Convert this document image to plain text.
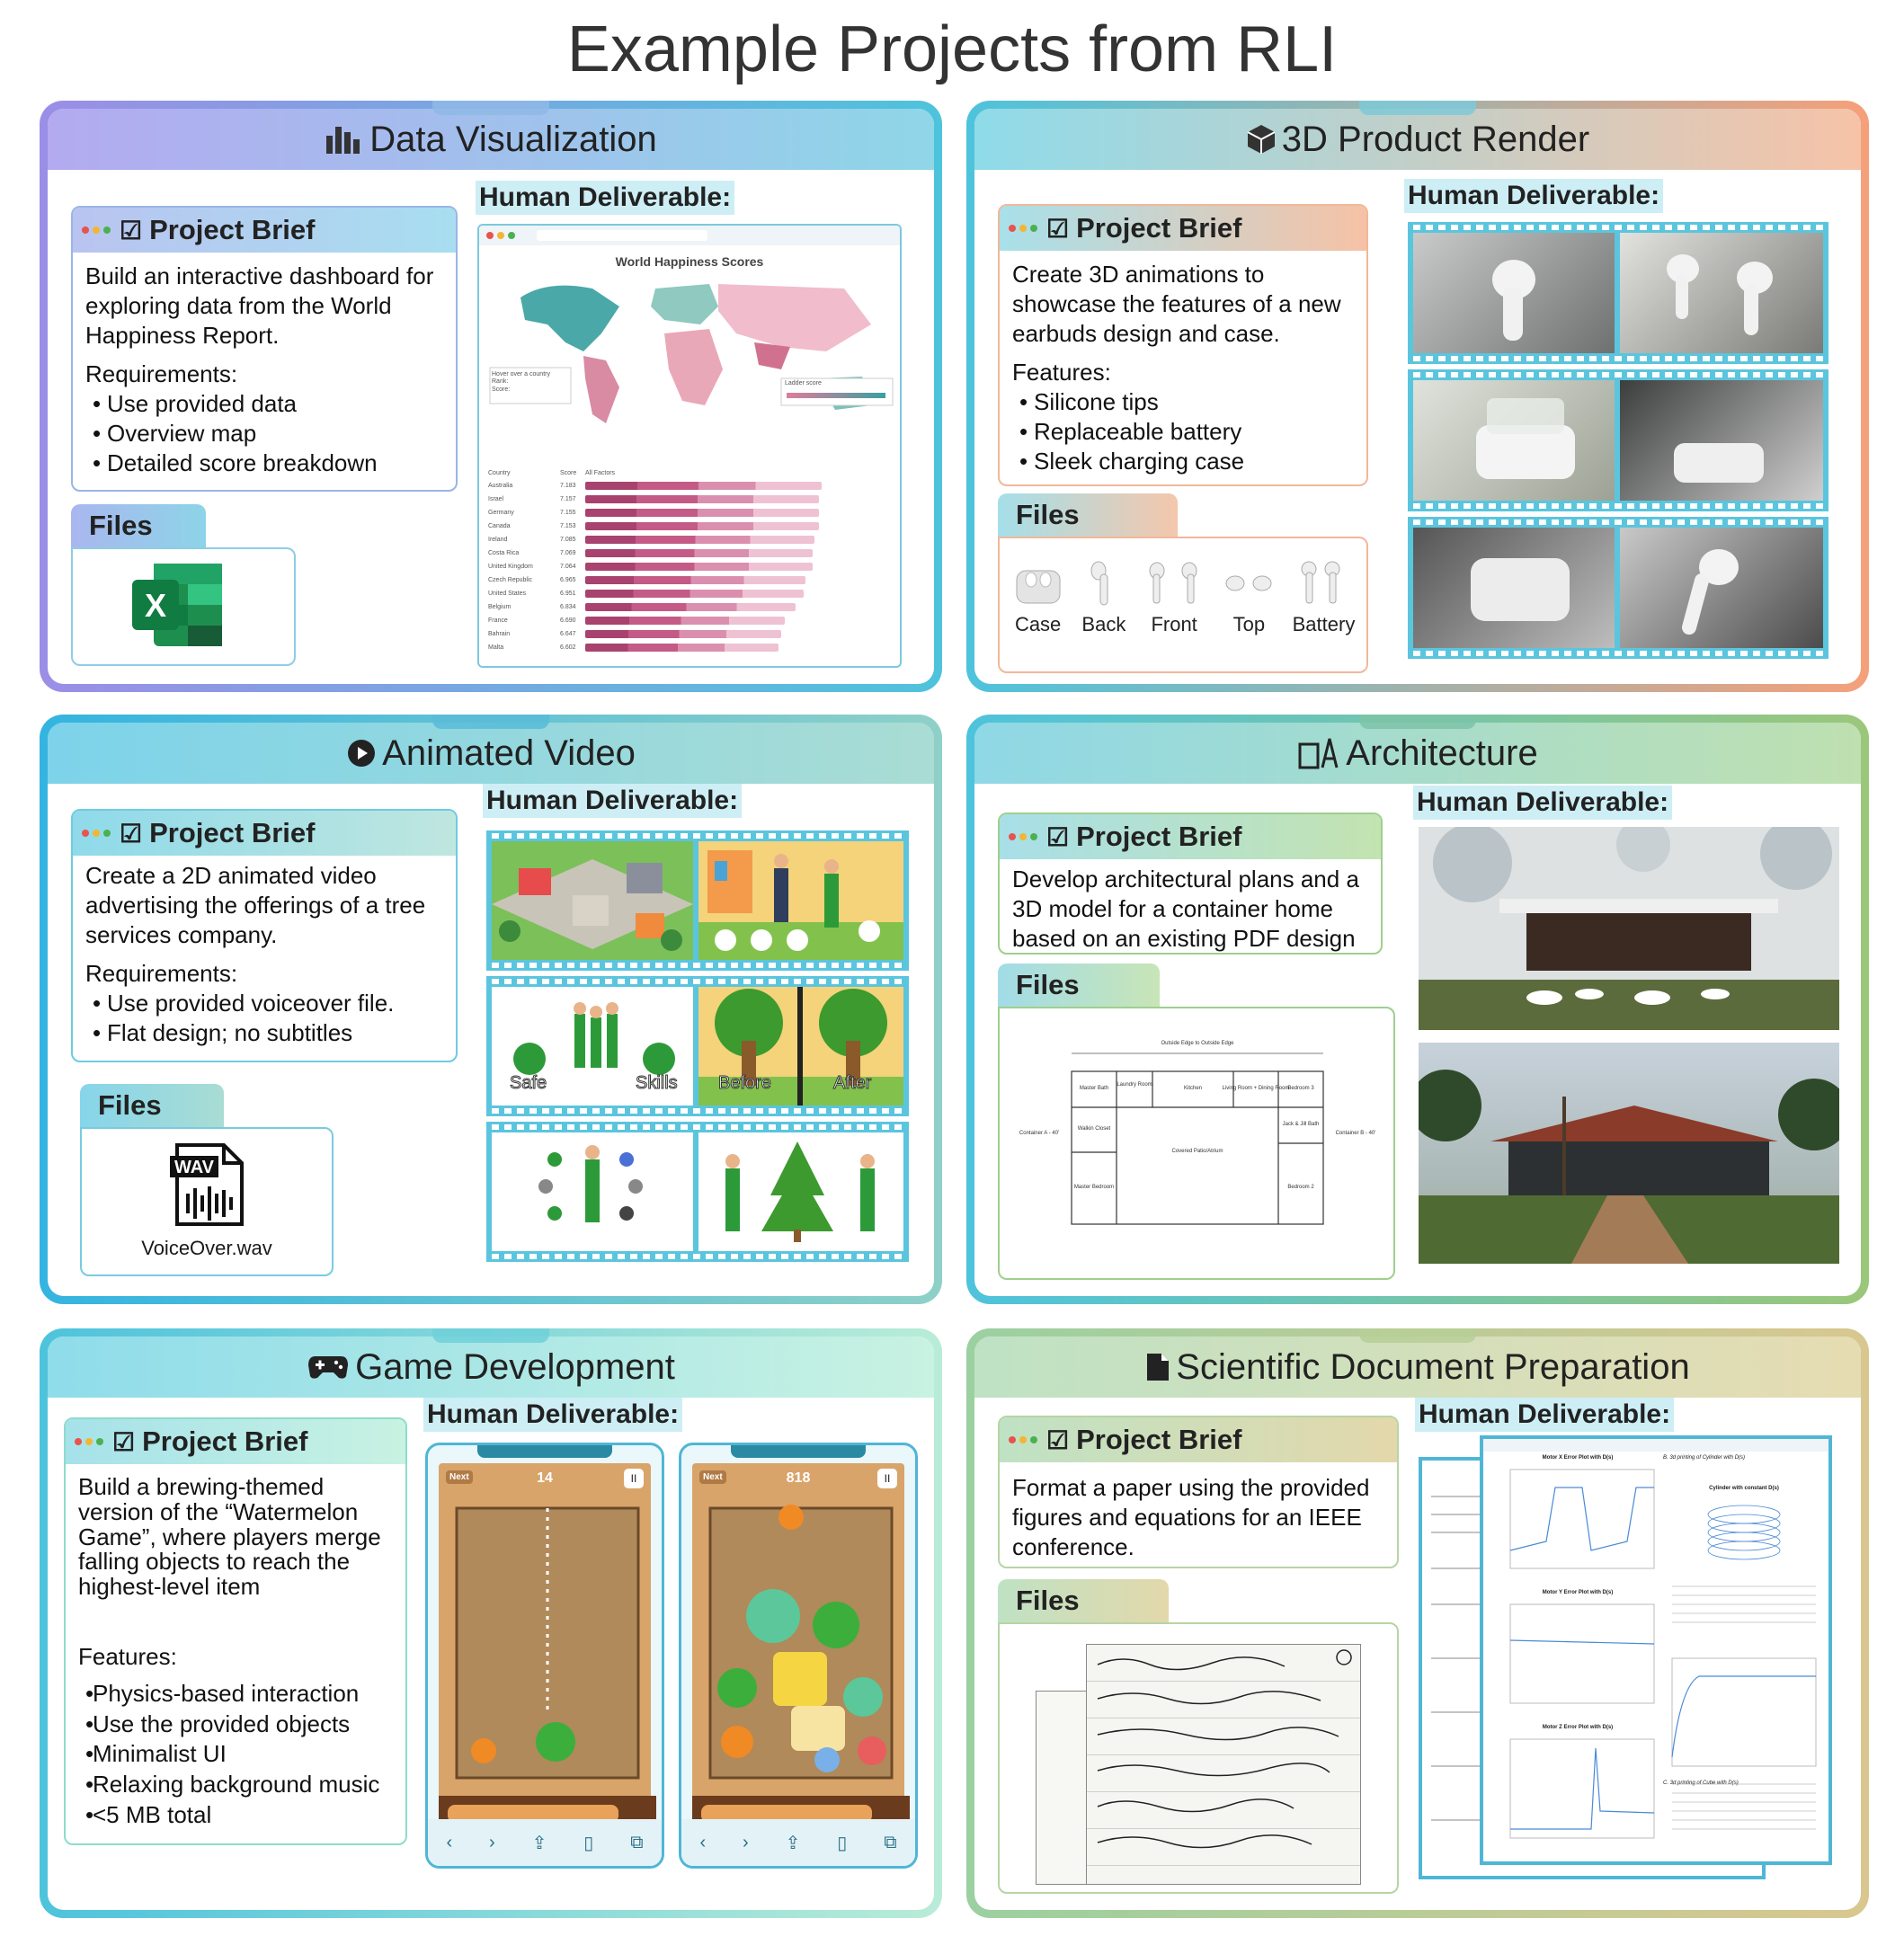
Example Projects from RLI
Data Visualization
☑ Project Brief
Build an interactive dashboard for exploring data from the World Happiness Report.
Requirements:
• Use provided data
• Overview map
• Detailed score breakdown
Files
X
Human Deliverable:
World Happiness Scores
Hover over a country
Rank:
Score:
Ladder score
Country	Score	All Factors
Australia	7.183
Israel	7.157
Germany	7.155
Canada	7.153
Ireland	7.085
Costa Rica	7.069
United Kingdom	7.064
Czech Republic	6.965
United States	6.951
Belgium	6.834
France	6.690
Bahrain	6.647
Malta	6.602
3D Product Render
☑ Project Brief
Create 3D animations to showcase the features of a new earbuds design and case.
Features:
• Silicone tips
• Replaceable battery
• Sleek charging case
Files
Case Back	Front	Top	Battery
Human Deliverable:
Animated Video
☑ Project Brief
Create a 2D animated video advertising the offerings of a tree services company.
Requirements:
• Use provided voiceover file.
• Flat design; no subtitles
Files
WAV
VoiceOver.wav
Human Deliverable:
Safe	Skills Before	After
Architecture
☑ Project Brief
Develop architectural plans and a 3D model for a container home based on an existing PDF design
Files
Outside Edge to Outside Edge
Master Bath
Laundry Room
Kitchen	Living Room + Dining Room
Bedroom 3
Walkin Closet
Covered Patio/Atrium
Jack & Jill Bath
Master Bedroom	Bedroom 2
Container A - 40'	Container B - 40'
Human Deliverable:
Game Development
☑ Project Brief
Build a brewing-themed version of the “Watermelon Game”, where players merge falling objects to reach the highest-level item
Features:
• Physics-based interaction
• Use the provided objects
• Minimalist UI
• Relaxing background music
• <5 MB total
Human Deliverable:
Next	14	II
‹ › ⇪ ▯ ⧉
Next	818	II
‹ › ⇪ ▯ ⧉
Scientific Document Preparation
☑ Project Brief
Format a paper using the provided figures and equations for an IEEE conference.
Files
Human Deliverable:
Motor X Error Plot with D(s)
Motor Y Error Plot with D(s)
Motor Z Error Plot with D(s)
B. 3d printing of Cylinder with D(s)
Cylinder with constant D(s)
C. 3d printing of Cube with D(s)
